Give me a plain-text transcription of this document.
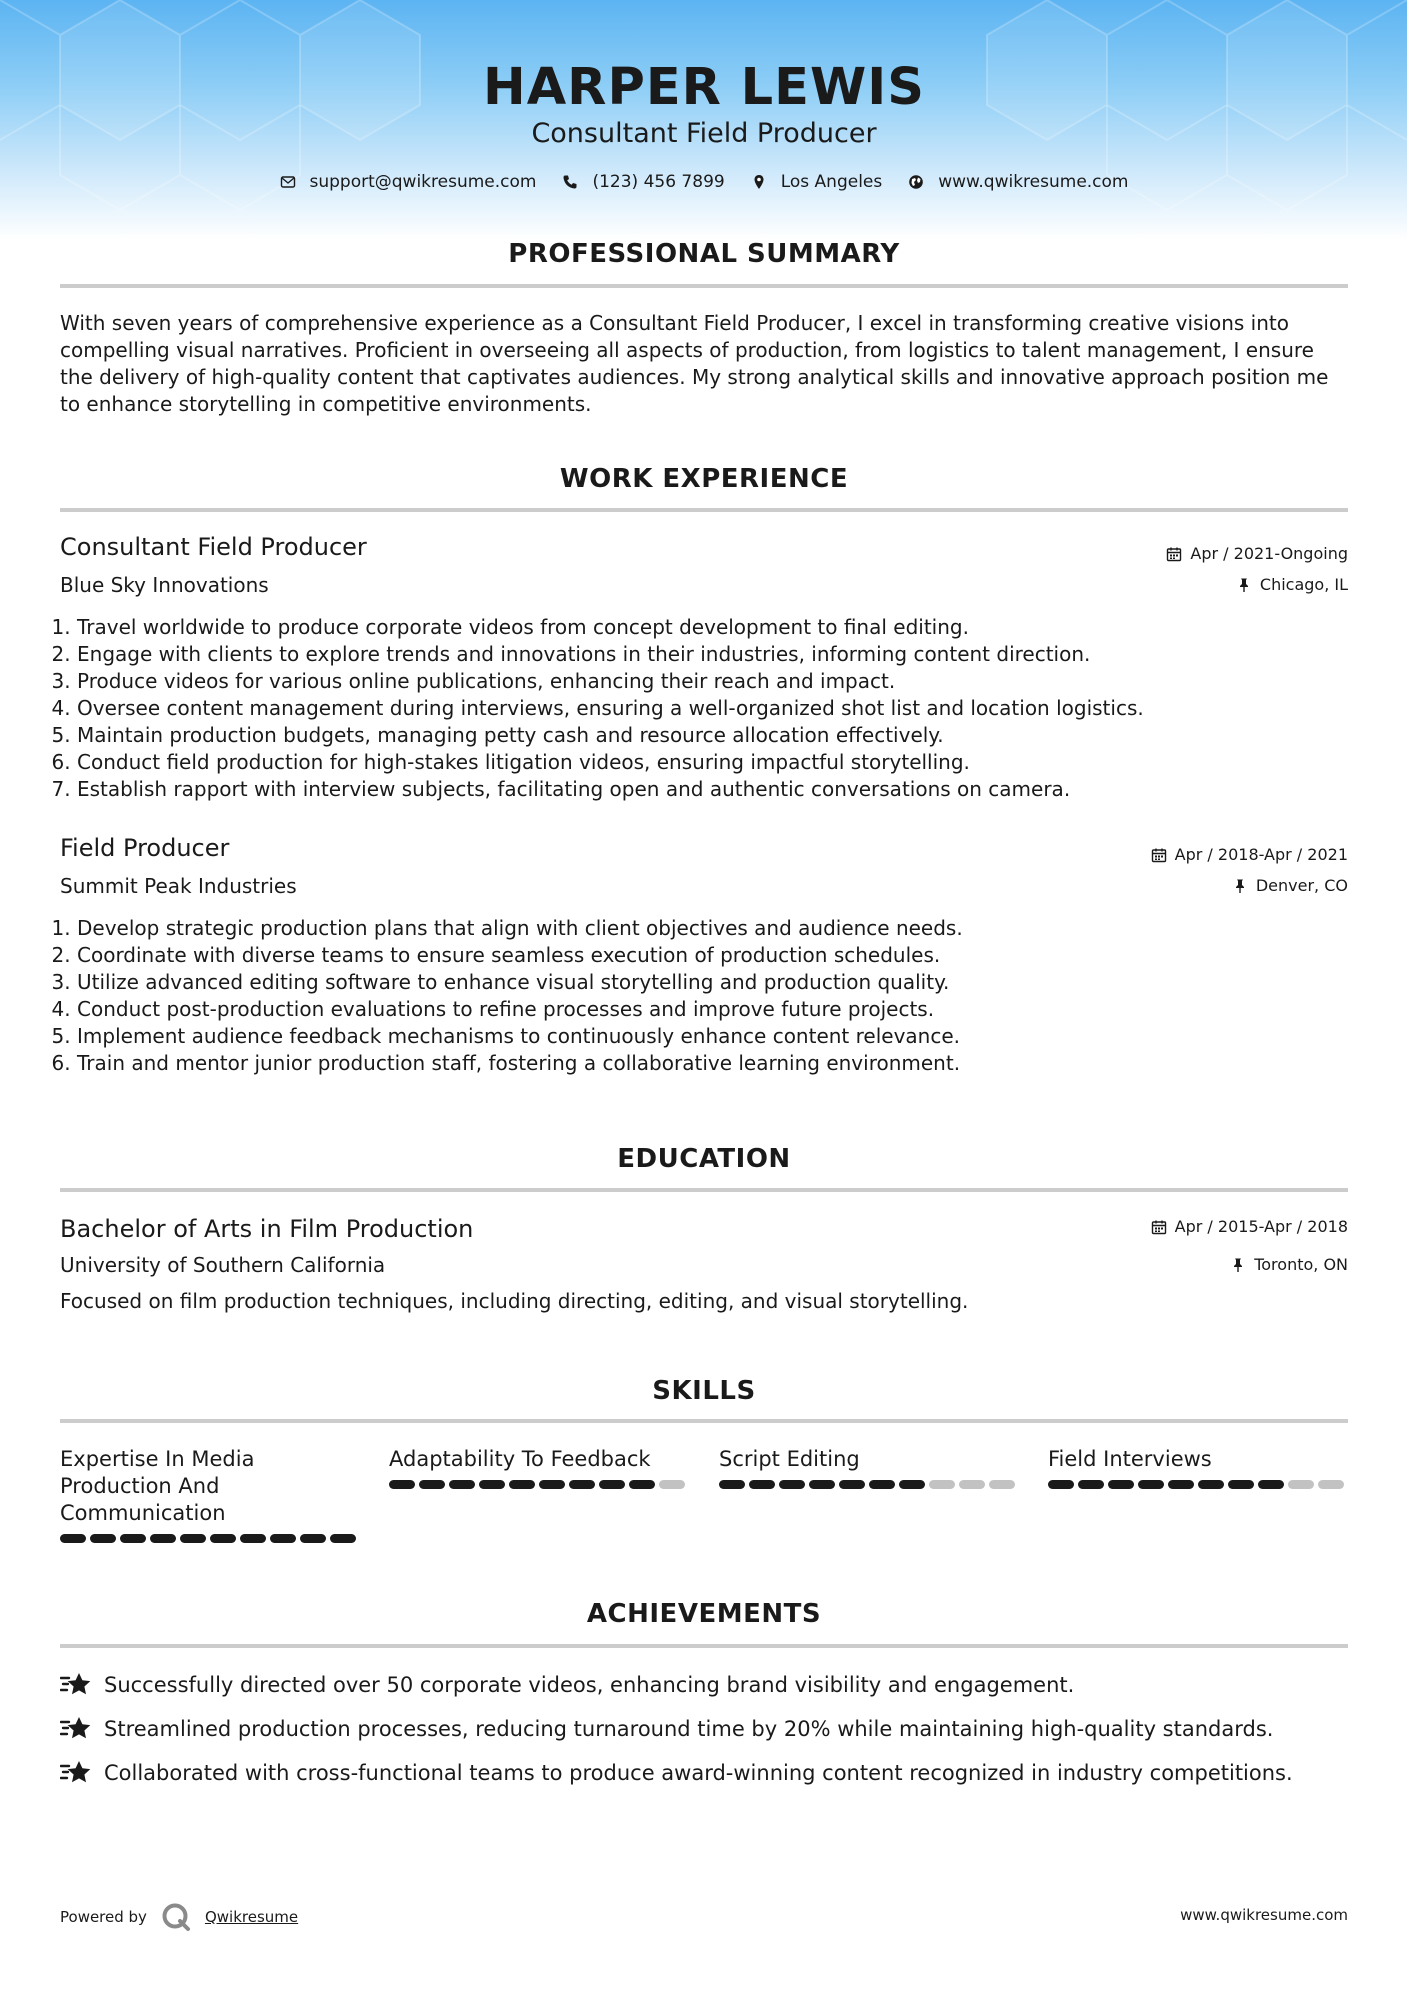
HARPER LEWIS
Consultant Field Producer
support@qwikresume.com	(123) 456 7899	Los Angeles	www.qwikresume.com
PROFESSIONAL SUMMARY
With seven years of comprehensive experience as a Consultant Field Producer, I excel in transforming creative visions into compelling visual narratives. Proficient in overseeing all aspects of production, from logistics to talent management, I ensure the delivery of high-quality content that captivates audiences. My strong analytical skills and innovative approach position me to enhance storytelling in competitive environments.
WORK EXPERIENCE
Consultant Field Producer	Apr / 2021-Ongoing
Blue Sky Innovations	Chicago, IL
1. Travel worldwide to produce corporate videos from concept development to final editing.
2. Engage with clients to explore trends and innovations in their industries, informing content direction.
3. Produce videos for various online publications, enhancing their reach and impact.
4. Oversee content management during interviews, ensuring a well-organized shot list and location logistics.
5. Maintain production budgets, managing petty cash and resource allocation effectively.
6. Conduct field production for high-stakes litigation videos, ensuring impactful storytelling.
7. Establish rapport with interview subjects, facilitating open and authentic conversations on camera.
Field Producer	Apr / 2018-Apr / 2021
Summit Peak Industries	Denver, CO
1. Develop strategic production plans that align with client objectives and audience needs.
2. Coordinate with diverse teams to ensure seamless execution of production schedules.
3. Utilize advanced editing software to enhance visual storytelling and production quality.
4. Conduct post-production evaluations to refine processes and improve future projects.
5. Implement audience feedback mechanisms to continuously enhance content relevance.
6. Train and mentor junior production staff, fostering a collaborative learning environment.
EDUCATION
Bachelor of Arts in Film Production	Apr / 2015-Apr / 2018
University of Southern California	Toronto, ON
Focused on film production techniques, including directing, editing, and visual storytelling.
SKILLS
Expertise In Media Production And Communication
Adaptability To Feedback	Script Editing	Field Interviews
ACHIEVEMENTS
Successfully directed over 50 corporate videos, enhancing brand visibility and engagement.
Streamlined production processes, reducing turnaround time by 20% while maintaining high-quality standards.
Collaborated with cross-functional teams to produce award-winning content recognized in industry competitions.
Powered by	Qwikresume	www.qwikresume.com
